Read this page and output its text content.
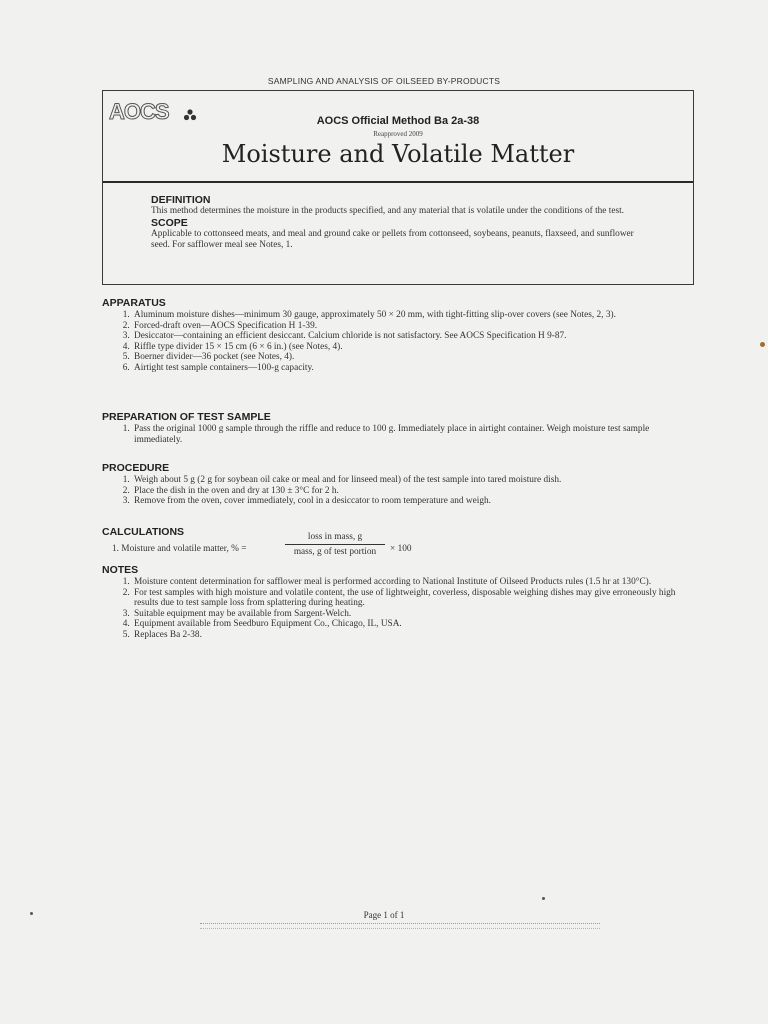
SAMPLING AND ANALYSIS OF OILSEED BY-PRODUCTS
AOCS	AOCS Official Method Ba 2a-38
Reapproved 2009
Moisture and Volatile Matter
DEFINITION
This method determines the moisture in the products specified, and any material that is volatile under the conditions of the test.
SCOPE
Applicable to cottonseed meats, and meal and ground cake or pellets from cottonseed, soybeans, peanuts, flaxseed, and sunflower seed. For safflower meal see Notes, 1.
APPARATUS
1. Aluminum moisture dishes—minimum 30 gauge, approximately 50 × 20 mm, with tight-fitting slip-over covers (see Notes, 2, 3).
2. Forced-draft oven—AOCS Specification H 1-39.
3. Desiccator—containing an efficient desiccant. Calcium chloride is not satisfactory. See AOCS Specification H 9-87.
4. Riffle type divider 15 × 15 cm (6 × 6 in.) (see Notes, 4).
5. Boerner divider—36 pocket (see Notes, 4).
6. Airtight test sample containers—100-g capacity.
PREPARATION OF TEST SAMPLE
1. Pass the original 1000 g sample through the riffle and reduce to 100 g. Immediately place in airtight container. Weigh moisture test sample immediately.
PROCEDURE
1. Weigh about 5 g (2 g for soybean oil cake or meal and for linseed meal) of the test sample into tared moisture dish.
2. Place the dish in the oven and dry at 130 ± 3°C for 2 h.
3. Remove from the oven, cover immediately, cool in a desiccator to room temperature and weigh.
CALCULATIONS
1. Moisture and volatile matter, % =
loss in mass, g
mass, g of test portion	× 100
NOTES
1. Moisture content determination for safflower meal is performed according to National Institute of Oilseed Products rules (1.5 hr at 130°C).
2. For test samples with high moisture and volatile content, the use of lightweight, coverless, disposable weighing dishes may give erroneously high results due to test sample loss from splattering during heating.
3. Suitable equipment may be available from Sargent-Welch.
4. Equipment available from Seedburo Equipment Co., Chicago, IL, USA.
5. Replaces Ba 2-38.
Page 1 of 1
